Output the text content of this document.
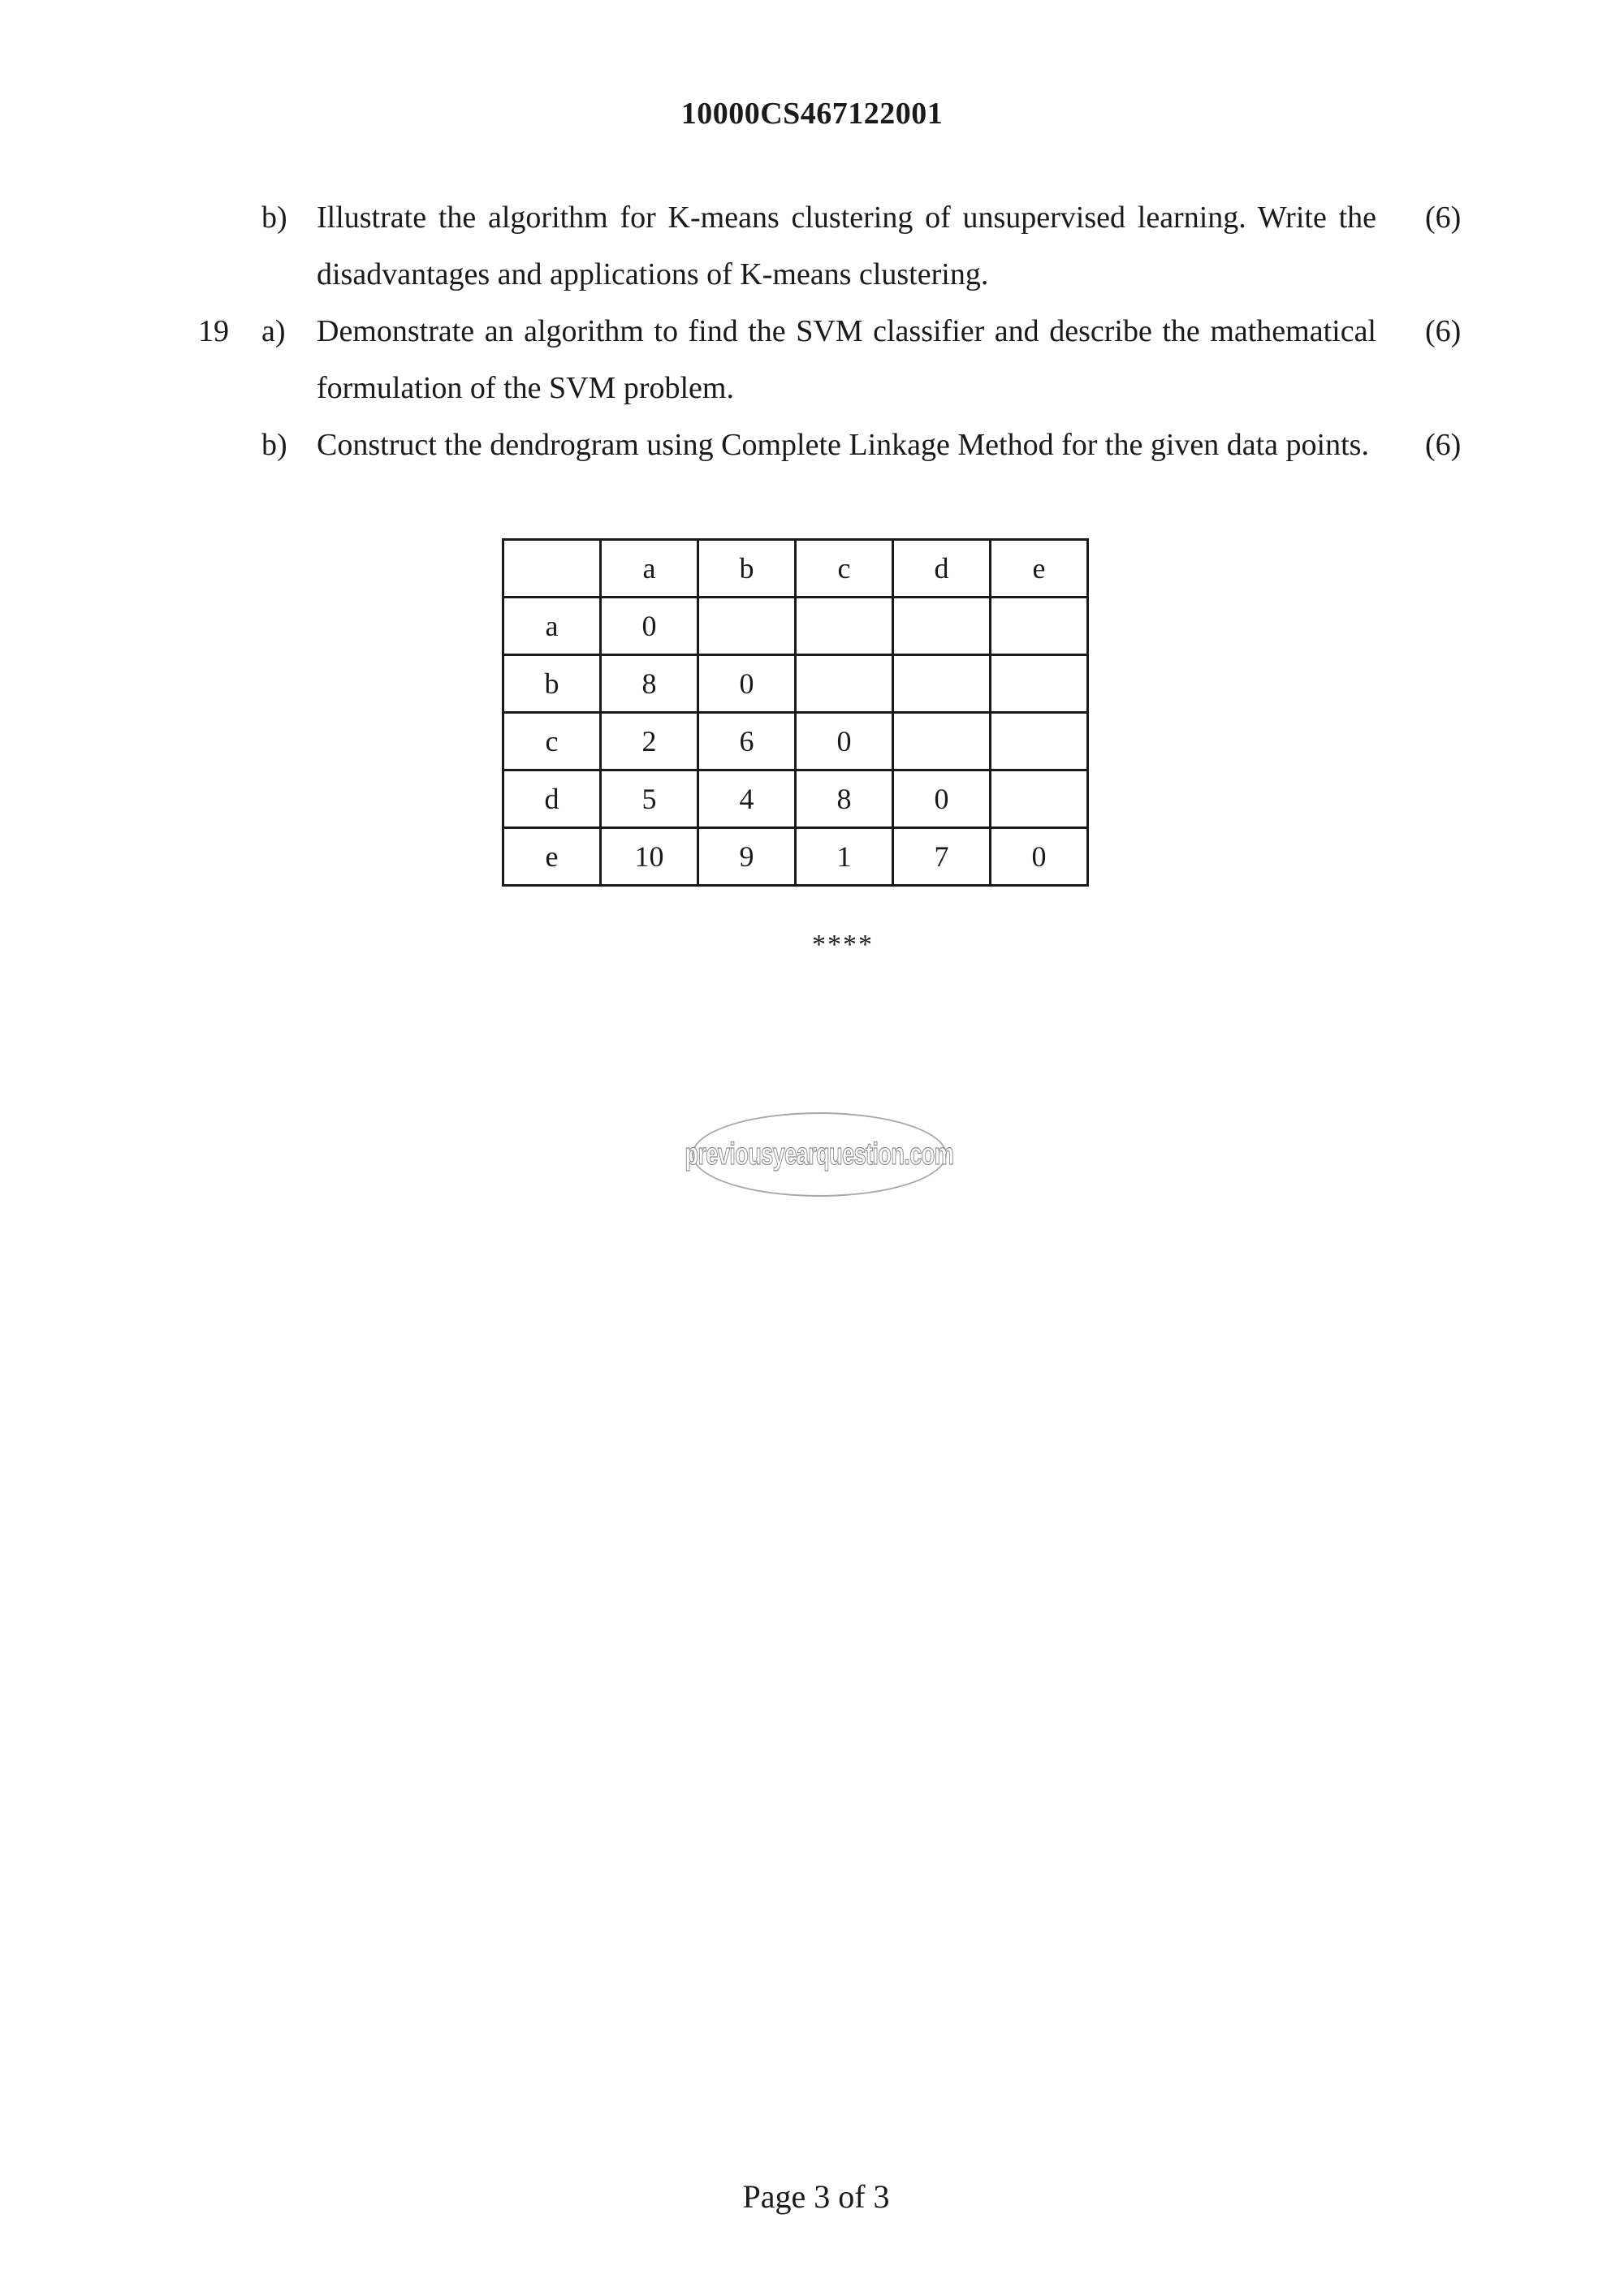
10000CS467122001
b) Illustrate the algorithm for K-means clustering of unsupervised learning. Write the disadvantages and applications of K-means clustering.
(6)
19 a) Demonstrate an algorithm to find the SVM classifier and describe the mathematical formulation of the SVM problem.
(6)
b) Construct the dendrogram using Complete Linkage Method for the given data points. (6)
	a	b	c	d	e
a	0				
b	8	0			
c	2	6	0		
d	5	4	8	0	
e	10	9	1	7	0
****
previousyearquestion.com
Page 3 of 3
